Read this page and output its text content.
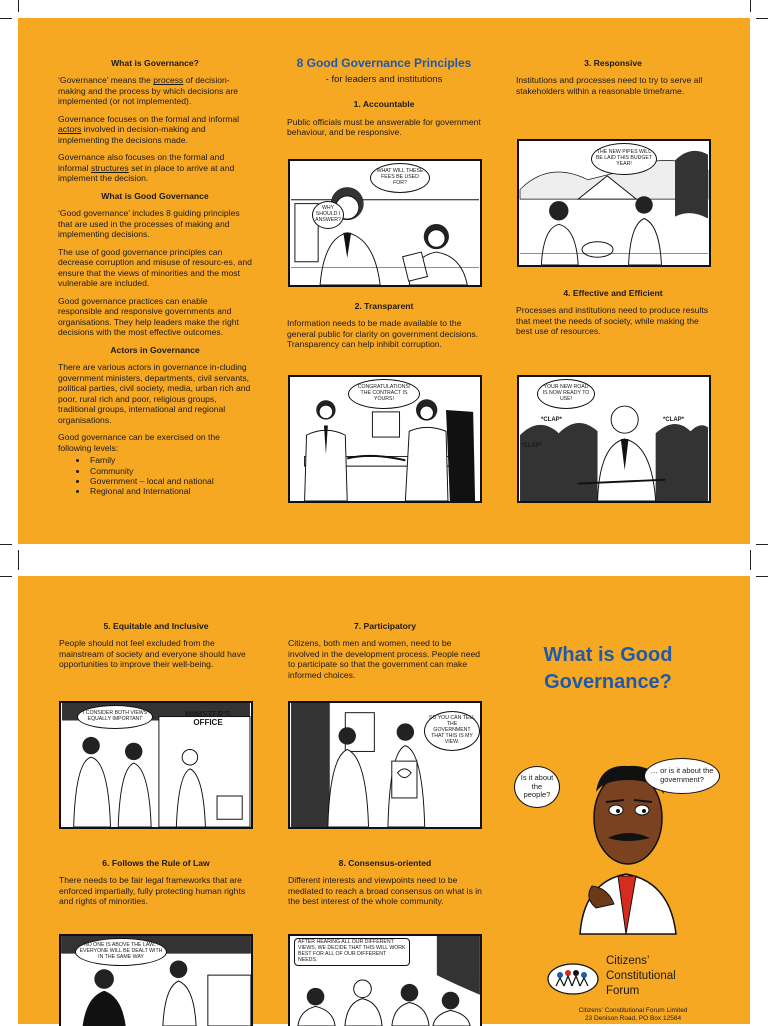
What is Governance?

‘Governance’ means the process of decision-making and the process by which decisions are implemented (or not implemented).

Governance focuses on the formal and informal actors involved in decision-making and implementing the decisions made.

Governance also focuses on the formal and informal structures set in place to arrive at and implement the decision.

What is Good Governance

‘Good governance’ includes 8 guiding principles that are used in the processes of making and implementing decisions.

The use of good governance principles can decrease corruption and misuse of resourc-es, and ensure that the views of minorities and the most vulnerable are included.

Good governance practices can enable responsible and responsive governments and organisations. They help leaders make the right decisions with the most effective outcomes.

Actors in Governance

There are various actors in governance in-cluding government ministers, departments, civil servants, political parties, civil society, media, urban rich and poor, rural rich and poor, religious groups, traditional groups, international and regional organisations.

Good governance can be exercised on the following levels:

• Family
• Community
• Government – local and national
• Regional and International
8 Good Governance Principles
- for leaders and institutions
1. Accountable

Public officials must be answerable for government behaviour, and be responsive.

WHAT WILL THESE FEES BE USED FOR?
WHY SHOULD I ANSWER?
2. Transparent

Information needs to be made available to the general public for clarity on government decisions. Transparency can help inhibit corruption.

CONGRATULATIONS! THE CONTRACT IS YOURS!
3. Responsive

Institutions and processes need to try to serve all stakeholders within a reasonable timeframe.

THE NEW PIPES WILL BE LAID THIS BUDGET YEAR!
4. Effective and Efficient

Processes and institutions need to produce results that meet the needs of society, while making the best use of resources.

YOUR NEW ROAD IS NOW READY TO USE!
*CLAP*
*CLAP*
*CLAP*
5. Equitable and Inclusive

People should not feel excluded from the mainstream of society and everyone should have opportunities to improve their well-being.

I CONSIDER BOTH VIEWS EQUALLY IMPORTANT	MINISTER'S OFFICE
6. Follows the Rule of Law

There needs to be fair legal frameworks that are enforced impartially, fully protecting human rights and rights of minorities.

NO ONE IS ABOVE THE LAW... EVERYONE WILL BE DEALT WITH IN THE SAME WAY
7. Participatory

Citizens, both men and women, need to be involved in the development process. People need to participate so that the government can make informed choices.

SO YOU CAN TELL THE GOVERNMENT THAT THIS IS MY VIEW.
8. Consensus-oriented

Different interests and viewpoints need to be mediated to reach a broad consensus on what is in the best interest of the whole community.

AFTER HEARING ALL OUR DIFFERENT VIEWS, WE DECIDE THAT THIS WILL WORK BEST FOR ALL OF OUR DIFFERENT NEEDS.
What is Good Governance?
Is it about the people?
… or is it about the government?
Citizens’
Constitutional
Forum
Citizens’ Constitutional Forum Limited
23 Denison Road, PO Box 12584
